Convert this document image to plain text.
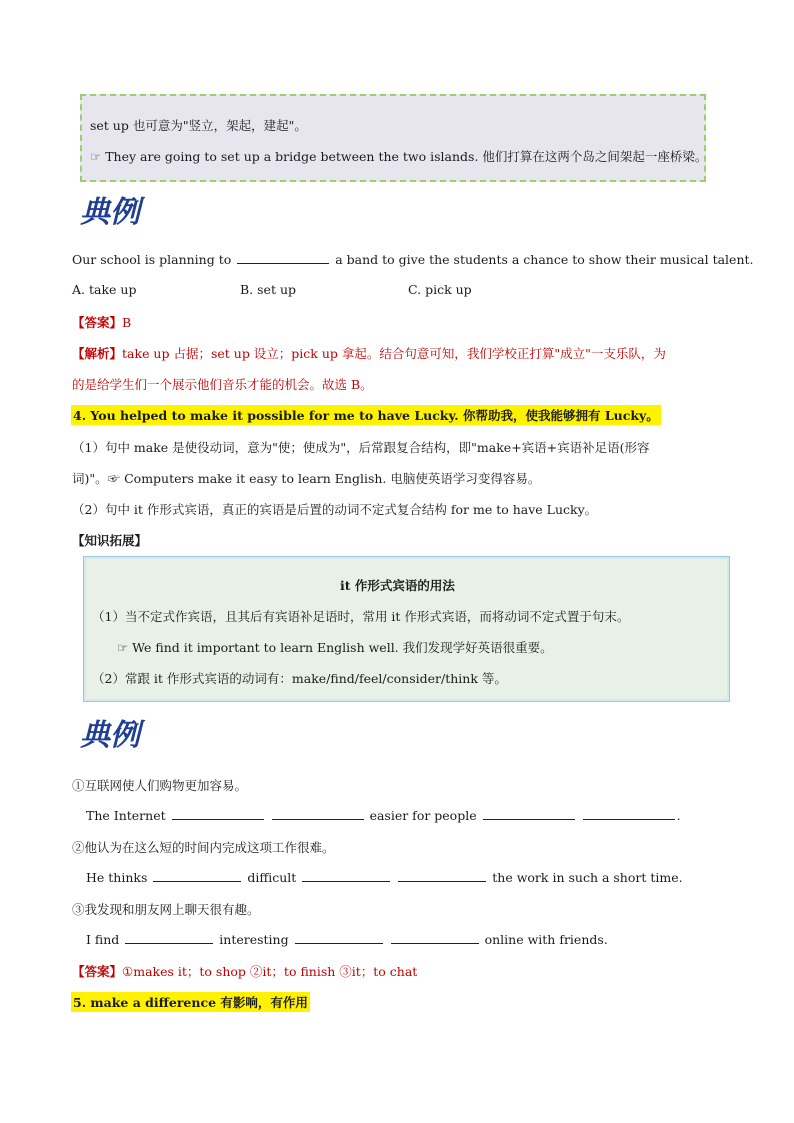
set up 也可意为"竖立，架起，建起"。
☞ They are going to set up a bridge between the two islands. 他们打算在这两个岛之间架起一座桥梁。
典例
Our school is planning to	a band to give the students a chance to show their musical talent.
A. take up	B. set up	C. pick up
【答案】B
【解析】take up 占据；set up 设立；pick up 拿起。结合句意可知，我们学校正打算"成立"一支乐队，为
的是给学生们一个展示他们音乐才能的机会。故选 B。
4. You helped to make it possible for me to have Lucky. 你帮助我，使我能够拥有 Lucky。
（1）句中 make 是使役动词，意为"使；使成为"，后常跟复合结构，即"make+宾语+宾语补足语(形容
词)"。☞ Computers make it easy to learn English. 电脑使英语学习变得容易。
（2）句中 it 作形式宾语，真正的宾语是后置的动词不定式复合结构 for me to have Lucky。
【知识拓展】
it 作形式宾语的用法
（1）当不定式作宾语，且其后有宾语补足语时，常用 it 作形式宾语，而将动词不定式置于句末。
☞ We find it important to learn English well. 我们发现学好英语很重要。
（2）常跟 it 作形式宾语的动词有：make/find/feel/consider/think 等。
典例
①互联网使人们购物更加容易。
The Internet	easier for people	.
②他认为在这么短的时间内完成这项工作很难。
He thinks	difficult	the work in such a short time.
③我发现和朋友网上聊天很有趣。
I find	interesting	online with friends.
【答案】①makes it；to shop ②it；to finish ③it；to chat
5. make a difference 有影响，有作用
